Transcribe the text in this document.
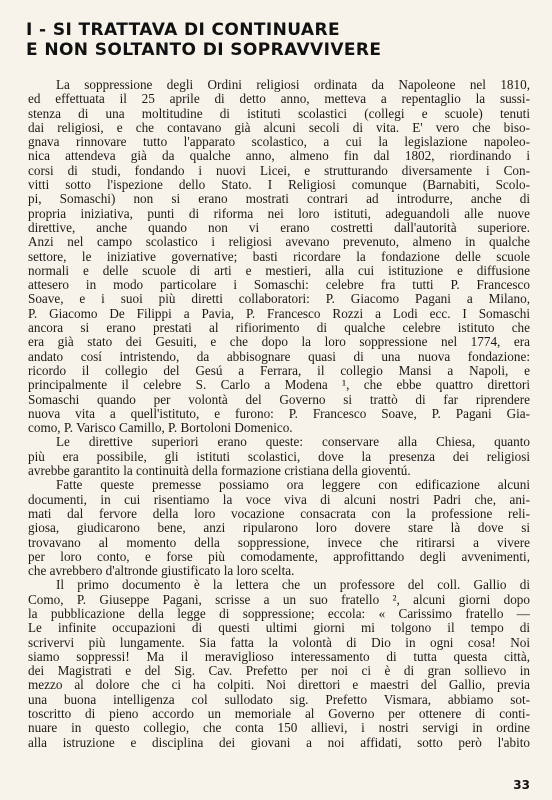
I - SI TRATTAVA DI CONTINUARE
E NON SOLTANTO DI SOPRAVVIVERE
La soppressione degli Ordini religiosi ordinata da Napoleone nel 1810,
ed effettuata il 25 aprile di detto anno, metteva a repentaglio la sussi-
stenza di una moltitudine di istituti scolastici (collegi e scuole) tenuti
dai religiosi, e che contavano già alcuni secoli di vita. E' vero che biso-
gnava rinnovare tutto l'apparato scolastico, a cui la legislazione napoleo-
nica attendeva già da qualche anno, almeno fin dal 1802, riordinando i
corsi di studi, fondando i nuovi Licei, e strutturando diversamente i Con-
vitti sotto l'ispezione dello Stato. I Religiosi comunque (Barnabiti, Scolo-
pi, Somaschi) non si erano mostrati contrari ad introdurre, anche di
propria iniziativa, punti di riforma nei loro istituti, adeguandoli alle nuove
direttive, anche quando non vi erano costretti dall'autorità superiore.
Anzi nel campo scolastico i religiosi avevano prevenuto, almeno in qualche
settore, le iniziative governative; basti ricordare la fondazione delle scuole
normali e delle scuole di arti e mestieri, alla cui istituzione e diffusione
attesero in modo particolare i Somaschi: celebre fra tutti P. Francesco
Soave, e i suoi più diretti collaboratori: P. Giacomo Pagani a Milano,
P. Giacomo De Filippi a Pavia, P. Francesco Rozzi a Lodi ecc. I Somaschi
ancora si erano prestati al rifiorimento di qualche celebre istituto che
era già stato dei Gesuiti, e che dopo la loro soppressione nel 1774, era
andato cosí intristendo, da abbisognare quasi di una nuova fondazione:
ricordo il collegio del Gesú a Ferrara, il collegio Mansi a Napoli, e
principalmente il celebre S. Carlo a Modena ¹, che ebbe quattro direttori
Somaschi quando per volontà del Governo si trattò di far riprendere
nuova vita a quell'istituto, e furono: P. Francesco Soave, P. Pagani Gia-
como, P. Varisco Camillo, P. Bortoloni Domenico.
Le direttive superiori erano queste: conservare alla Chiesa, quanto
più era possibile, gli istituti scolastici, dove la presenza dei religiosi
avrebbe garantito la continuità della formazione cristiana della gioventú.
Fatte queste premesse possiamo ora leggere con edificazione alcuni
documenti, in cui risentiamo la voce viva di alcuni nostri Padri che, ani-
mati dal fervore della loro vocazione consacrata con la professione reli-
giosa, giudicarono bene, anzi ripularono loro dovere stare là dove si
trovavano al momento della soppressione, invece che ritirarsi a vivere
per loro conto, e forse più comodamente, approfittando degli avvenimenti,
che avrebbero d'altronde giustificato la loro scelta.
Il primo documento è la lettera che un professore del coll. Gallio di
Como, P. Giuseppe Pagani, scrisse a un suo fratello ², alcuni giorni dopo
la pubblicazione della legge di soppressione; eccola: « Carissimo fratello —
Le infinite occupazioni di questi ultimi giorni mi tolgono il tempo di
scrivervi più lungamente. Sia fatta la volontà di Dio in ogni cosa! Noi
siamo soppressi! Ma il meraviglioso interessamento di tutta questa città,
dei Magistrati e del Sig. Cav. Prefetto per noi ci è di gran sollievo in
mezzo al dolore che ci ha colpiti. Noi direttori e maestri del Gallio, previa
una buona intelligenza col sullodato sig. Prefetto Vismara, abbiamo sot-
toscritto di pieno accordo un memoriale al Governo per ottenere di conti-
nuare in questo collegio, che conta 150 allievi, i nostri servigi in ordine
alla istruzione e disciplina dei giovani a noi affidati, sotto però l'abito
33
